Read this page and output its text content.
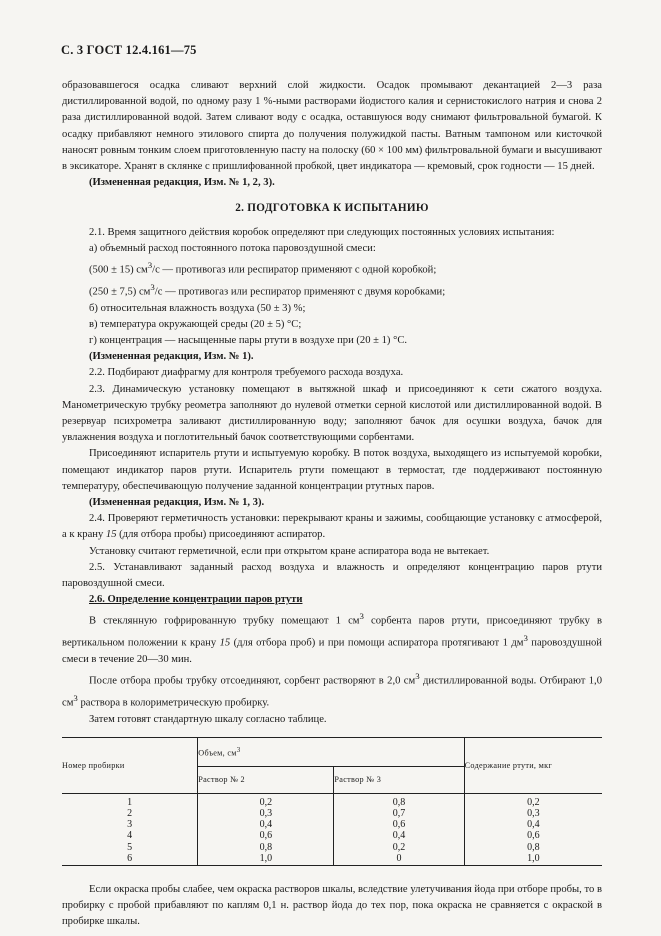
С. 3 ГОСТ 12.4.161—75

образовавшегося осадка сливают верхний слой жидкости. Осадок промывают декантацией 2—3 раза дистиллированной водой, по одному разу 1 %-ными растворами йодистого калия и сернистокислого натрия и снова 2 раза дистиллированной водой. Затем сливают воду с осадка, оставшуюся воду снимают фильтровальной бумагой. К осадку прибавляют немного этилового спирта до получения полужидкой пасты. Ватным тампоном или кисточкой наносят ровным тонким слоем приготовленную пасту на полоску (60 × 100 мм) фильтровальной бумаги и высушивают в эксикаторе. Хранят в склянке с пришлифованной пробкой, цвет индикатора — кремовый, срок годности — 15 дней.

(Измененная редакция, Изм. № 1, 2, 3).

2. ПОДГОТОВКА К ИСПЫТАНИЮ

2.1. Время защитного действия коробок определяют при следующих постоянных условиях испытания:

а) объемный расход постоянного потока паровоздушной смеси:

(500 ± 15) $см^3/с$ — противогаз или респиратор применяют с одной коробкой;

(250 ± 7,5) $см^3/с$ — противогаз или респиратор применяют с двумя коробками;

б) относительная влажность воздуха (50 ± 3) %;

в) температура окружающей среды (20 ± 5) °С;

г) концентрация — насыщенные пары ртути в воздухе при (20 ± 1) °С.

(Измененная редакция, Изм. № 1).

2.2. Подбирают диафрагму для контроля требуемого расхода воздуха.

2.3. Динамическую установку помещают в вытяжной шкаф и присоединяют к сети сжатого воздуха. Манометрическую трубку реометра заполняют до нулевой отметки серной кислотой или дистиллированной водой. В резервуар психрометра заливают дистиллированную воду; заполняют бачок для осушки воздуха, бачок для увлажнения воздуха и поглотительный бачок соответствующими сорбентами.

Присоединяют испаритель ртути и испытуемую коробку. В поток воздуха, выходящего из испытуемой коробки, помещают индикатор паров ртути. Испаритель ртути помещают в термостат, где поддерживают постоянную температуру, обеспечивающую получение заданной концентрации ртутных паров.

(Измененная редакция, Изм. № 1, 3).

2.4. Проверяют герметичность установки: перекрывают краны и зажимы, сообщающие установку с атмосферой, а к крану 15 (для отбора пробы) присоединяют аспиратор.

Установку считают герметичной, если при открытом кране аспиратора вода не вытекает.

2.5. Устанавливают заданный расход воздуха и влажность и определяют концентрацию паров ртути паровоздушной смеси.

2.6. Определение концентрации паров ртути

В стеклянную гофрированную трубку помещают 1 $см^3$ сорбента паров ртути, присоединяют трубку в вертикальном положении к крану 15 (для отбора проб) и при помощи аспиратора протягивают 1 $дм^3$ паровоздушной смеси в течение 20—30 мин.

После отбора пробы трубку отсоединяют, сорбент растворяют в 2,0 $см^3$ дистиллированной воды. Отбирают 1,0 $см^3$ раствора в колориметрическую пробирку.

Затем готовят стандартную шкалу согласно таблице.

Номер пробирки	Объем, $см^3$		Содержание ртути, мкг
	Раствор № 2	Раствор № 3	
1	0,2	0,8	0,2
2	0,3	0,7	0,3
3	0,4	0,6	0,4
4	0,6	0,4	0,6
5	0,8	0,2	0,8
6	1,0	0	1,0

Если окраска пробы слабее, чем окраска растворов шкалы, вследствие улетучивания йода при отборе пробы, то в пробирку с пробой прибавляют по каплям 0,1 н. раствор йода до тех пор, пока окраска не сравняется с окраской в пробирке шкалы.
